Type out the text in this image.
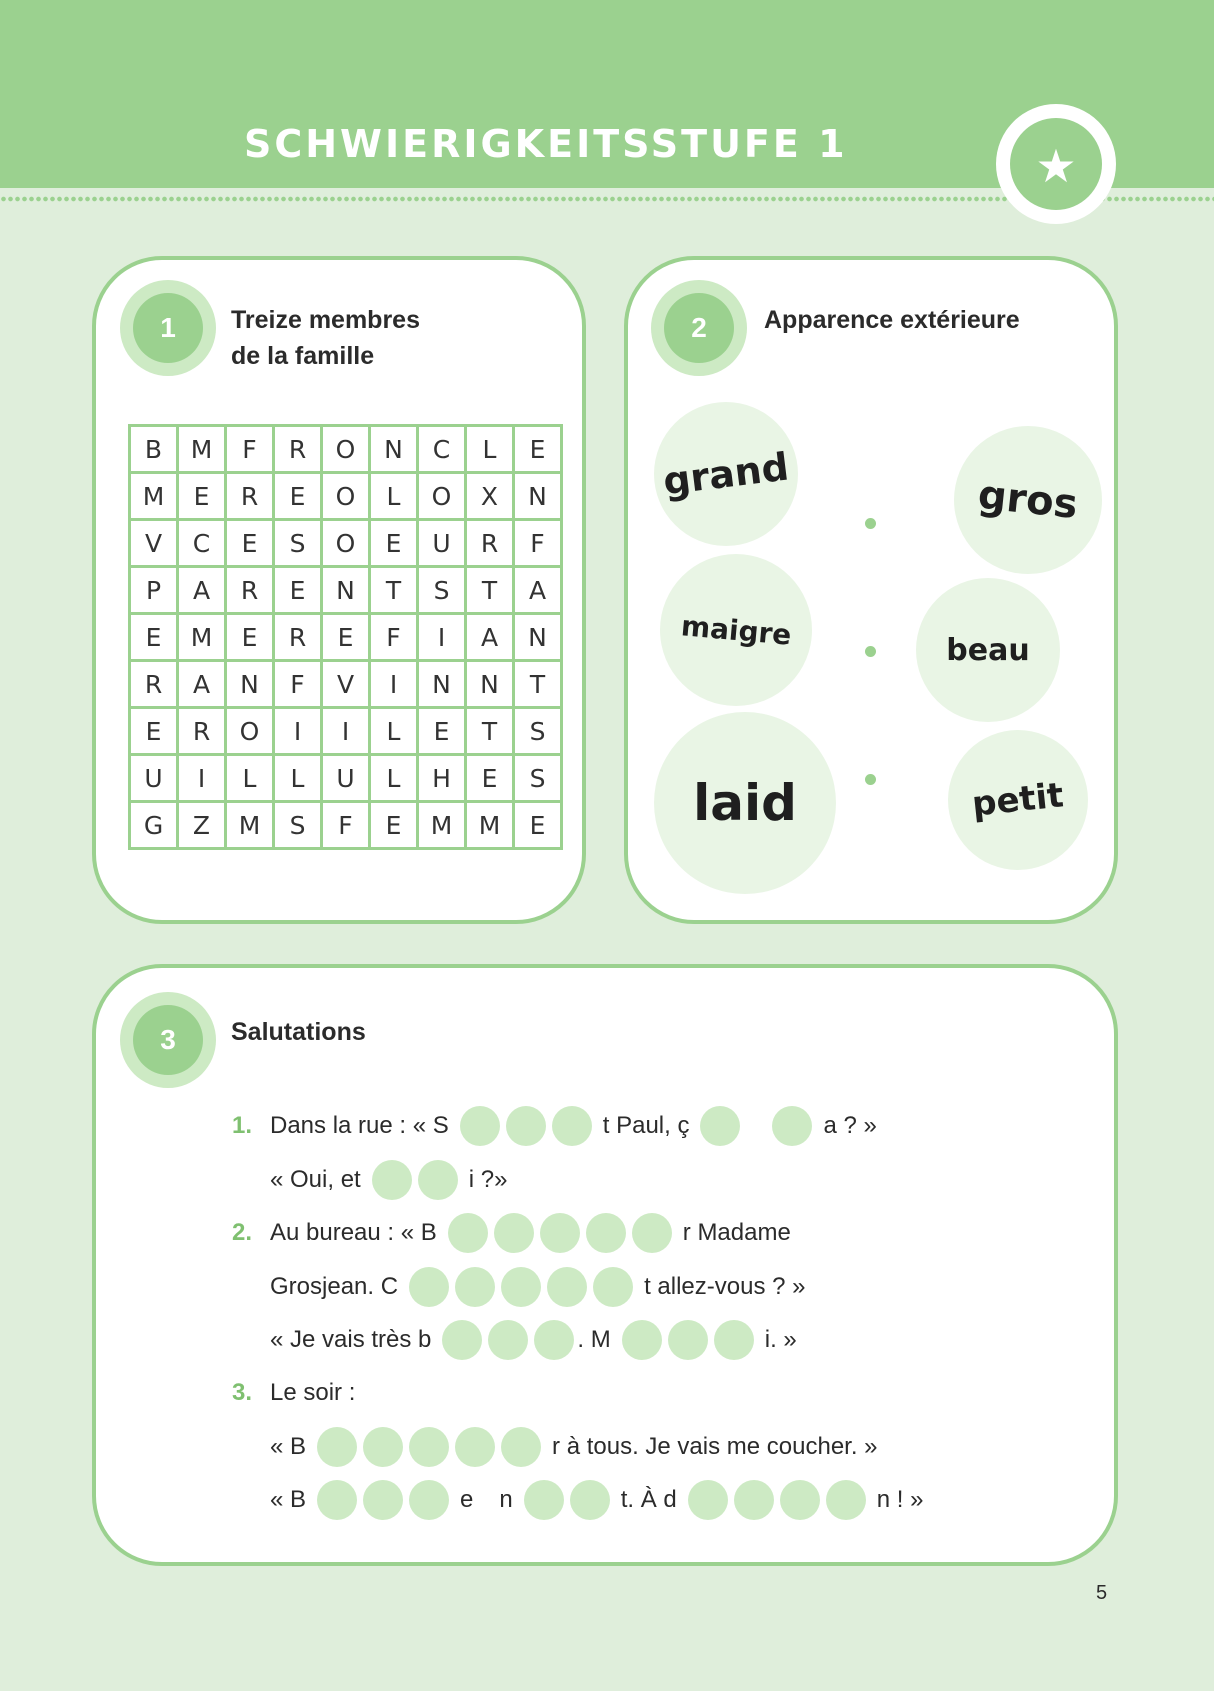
SCHWIERIGKEITSSTUFE 1	★
1	Treize membres
de la famille
B	M	F	R	O	N	C	L	E
M	E	R	E	O	L	O	X	N
V	C	E	S	O	E	U	R	F
P	A	R	E	N	T	S	T	A
E	M	E	R	E	F	I	A	N
R	A	N	F	V	I	N	N	T
E	R	O	I	I	L	E	T	S
U	I	L	L	U	L	H	E	S
G	Z	M	S	F	E	M	M	E
2	Apparence extérieure
grand
maigre
laid
gros
beau
petit
3	Salutations
1. Dans la rue : « S	t Paul, ç	a ? »
« Oui, et	i ?»
2. Au bureau : « B	r Madame
Grosjean. C	t allez-vous ? »
« Je vais très b	. M	i. »
3. Le soir :
« B	r à tous. Je vais me coucher. »
« B	e n	t. À d	n ! »
5
